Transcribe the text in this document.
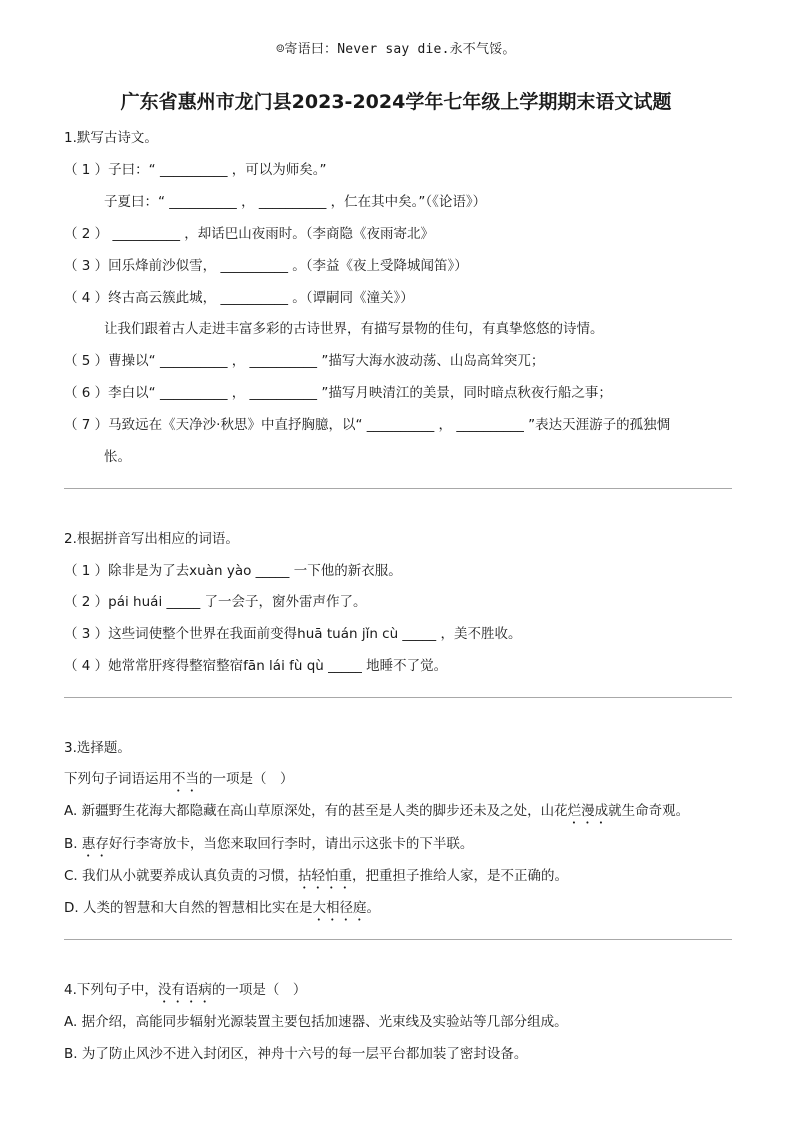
☺寄语曰：Never say die.永不气馁。
广东省惠州市龙门县2023-2024学年七年级上学期期末语文试题
1.默写古诗文。
（ 1 ）子曰：“ __________ ，可以为师矣。”
子夏曰：“ __________ ， __________ ，仁在其中矣。”（《论语》）
（ 2 ） __________ ，却话巴山夜雨时。（李商隐《夜雨寄北》
（ 3 ）回乐烽前沙似雪， __________ 。（李益《夜上受降城闻笛》）
（ 4 ）终古高云簇此城， __________ 。（谭嗣同《潼关》）
让我们跟着古人走进丰富多彩的古诗世界，有描写景物的佳句，有真挚悠悠的诗情。
（ 5 ）曹操以“ __________ ， __________ ”描写大海水波动荡、山岛高耸突兀；
（ 6 ）李白以“ __________ ， __________ ”描写月映清江的美景，同时暗点秋夜行船之事；
（ 7 ）马致远在《天净沙·秋思》中直抒胸臆，以“ __________ ， __________ ”表达天涯游子的孤独惆
怅。
2.根据拼音写出相应的词语。
（ 1 ）除非是为了去xuàn yào _____ 一下他的新衣服。
（ 2 ）pái huái _____ 了一会子，窗外雷声作了。
（ 3 ）这些词使整个世界在我面前变得huā tuán jǐn cù _____ ，美不胜收。
（ 4 ）她常常肝疼得整宿整宿fān lái fù qù _____ 地睡不了觉。
3.选择题。
下列句子词语运用不当的一项是（　）
A. 新疆野生花海大都隐藏在高山草原深处，有的甚至是人类的脚步还未及之处，山花烂漫成就生命奇观。
B. 惠存好行李寄放卡，当您来取回行李时，请出示这张卡的下半联。
C. 我们从小就要养成认真负责的习惯，拈轻怕重，把重担子推给人家，是不正确的。
D. 人类的智慧和大自然的智慧相比实在是大相径庭。
4.下列句子中，没有语病的一项是（　）
A. 据介绍，高能同步辐射光源装置主要包括加速器、光束线及实验站等几部分组成。
B. 为了防止风沙不进入封闭区，神舟十六号的每一层平台都加装了密封设备。
